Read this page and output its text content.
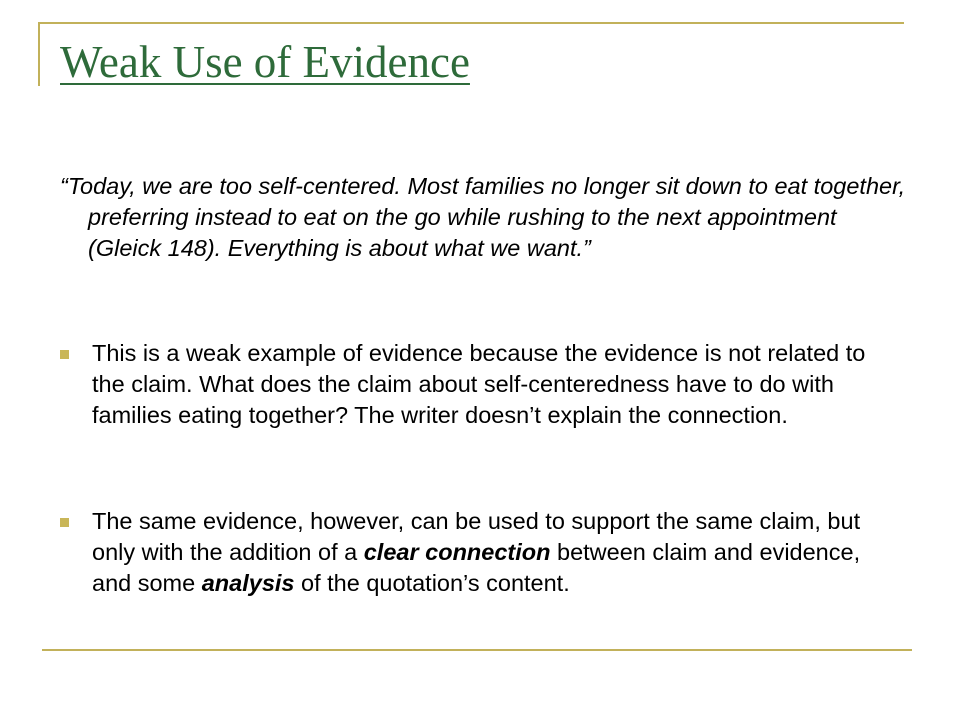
Weak Use of Evidence

“Today, we are too self-centered. Most families no longer sit down to eat together, preferring instead to eat on the go while rushing to the next appointment (Gleick 148). Everything is about what we want.”

This is a weak example of evidence because the evidence is not related to the claim. What does the claim about self-centeredness have to do with families eating together? The writer doesn’t explain the connection.
The same evidence, however, can be used to support the same claim, but only with the addition of a clear connection between claim and evidence, and some analysis of the quotation’s content.
